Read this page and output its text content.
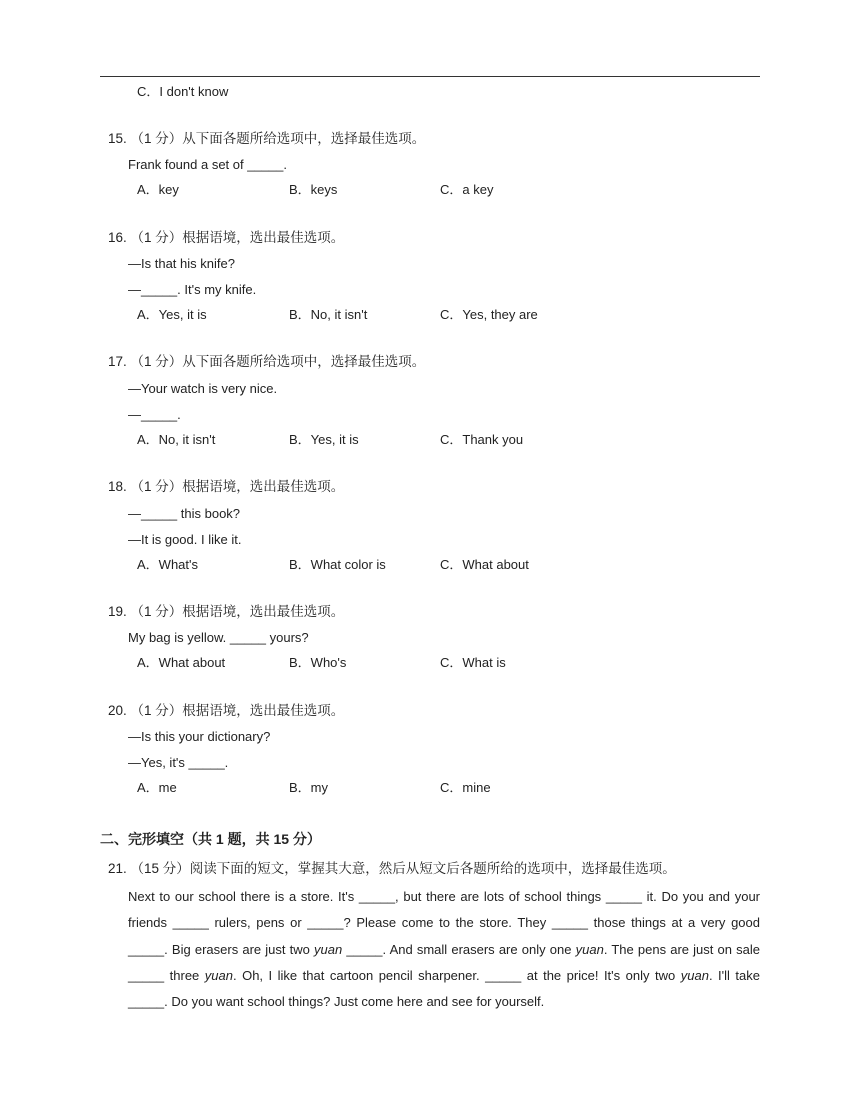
C．I don't know
15. （1 分）从下面各题所给选项中，选择最佳选项。
Frank found a set of _____.
A．key	B．keys	C．a key
16. （1 分）根据语境，选出最佳选项。
—Is that his knife?
—_____. It's my knife.
A．Yes, it is	B．No, it isn't	C．Yes, they are
17. （1 分）从下面各题所给选项中，选择最佳选项。
—Your watch is very nice.
—_____.
A．No, it isn't	B．Yes, it is	C．Thank you
18. （1 分）根据语境，选出最佳选项。
—_____ this book?
—It is good. I like it.
A．What's	B．What color is	C．What about
19. （1 分）根据语境，选出最佳选项。
My bag is yellow. _____ yours?
A．What about	B．Who's	C．What is
20. （1 分）根据语境，选出最佳选项。
—Is this your dictionary?
—Yes, it's _____.
A．me	B．my	C．mine
二、完形填空（共 1 题，共 15 分）
21. （15 分）阅读下面的短文，掌握其大意，然后从短文后各题所给的选项中，选择最佳选项。
Next to our school there is a store. It's _____, but there are lots of school things _____ it. Do you and your friends _____ rulers, pens or _____? Please come to the store. They _____ those things at a very good _____. Big erasers are just two yuan _____. And small erasers are only one yuan. The pens are just on sale _____ three yuan. Oh, I like that cartoon pencil sharpener. _____ at the price! It's only two yuan. I'll take _____. Do you want school things? Just come here and see for yourself.
